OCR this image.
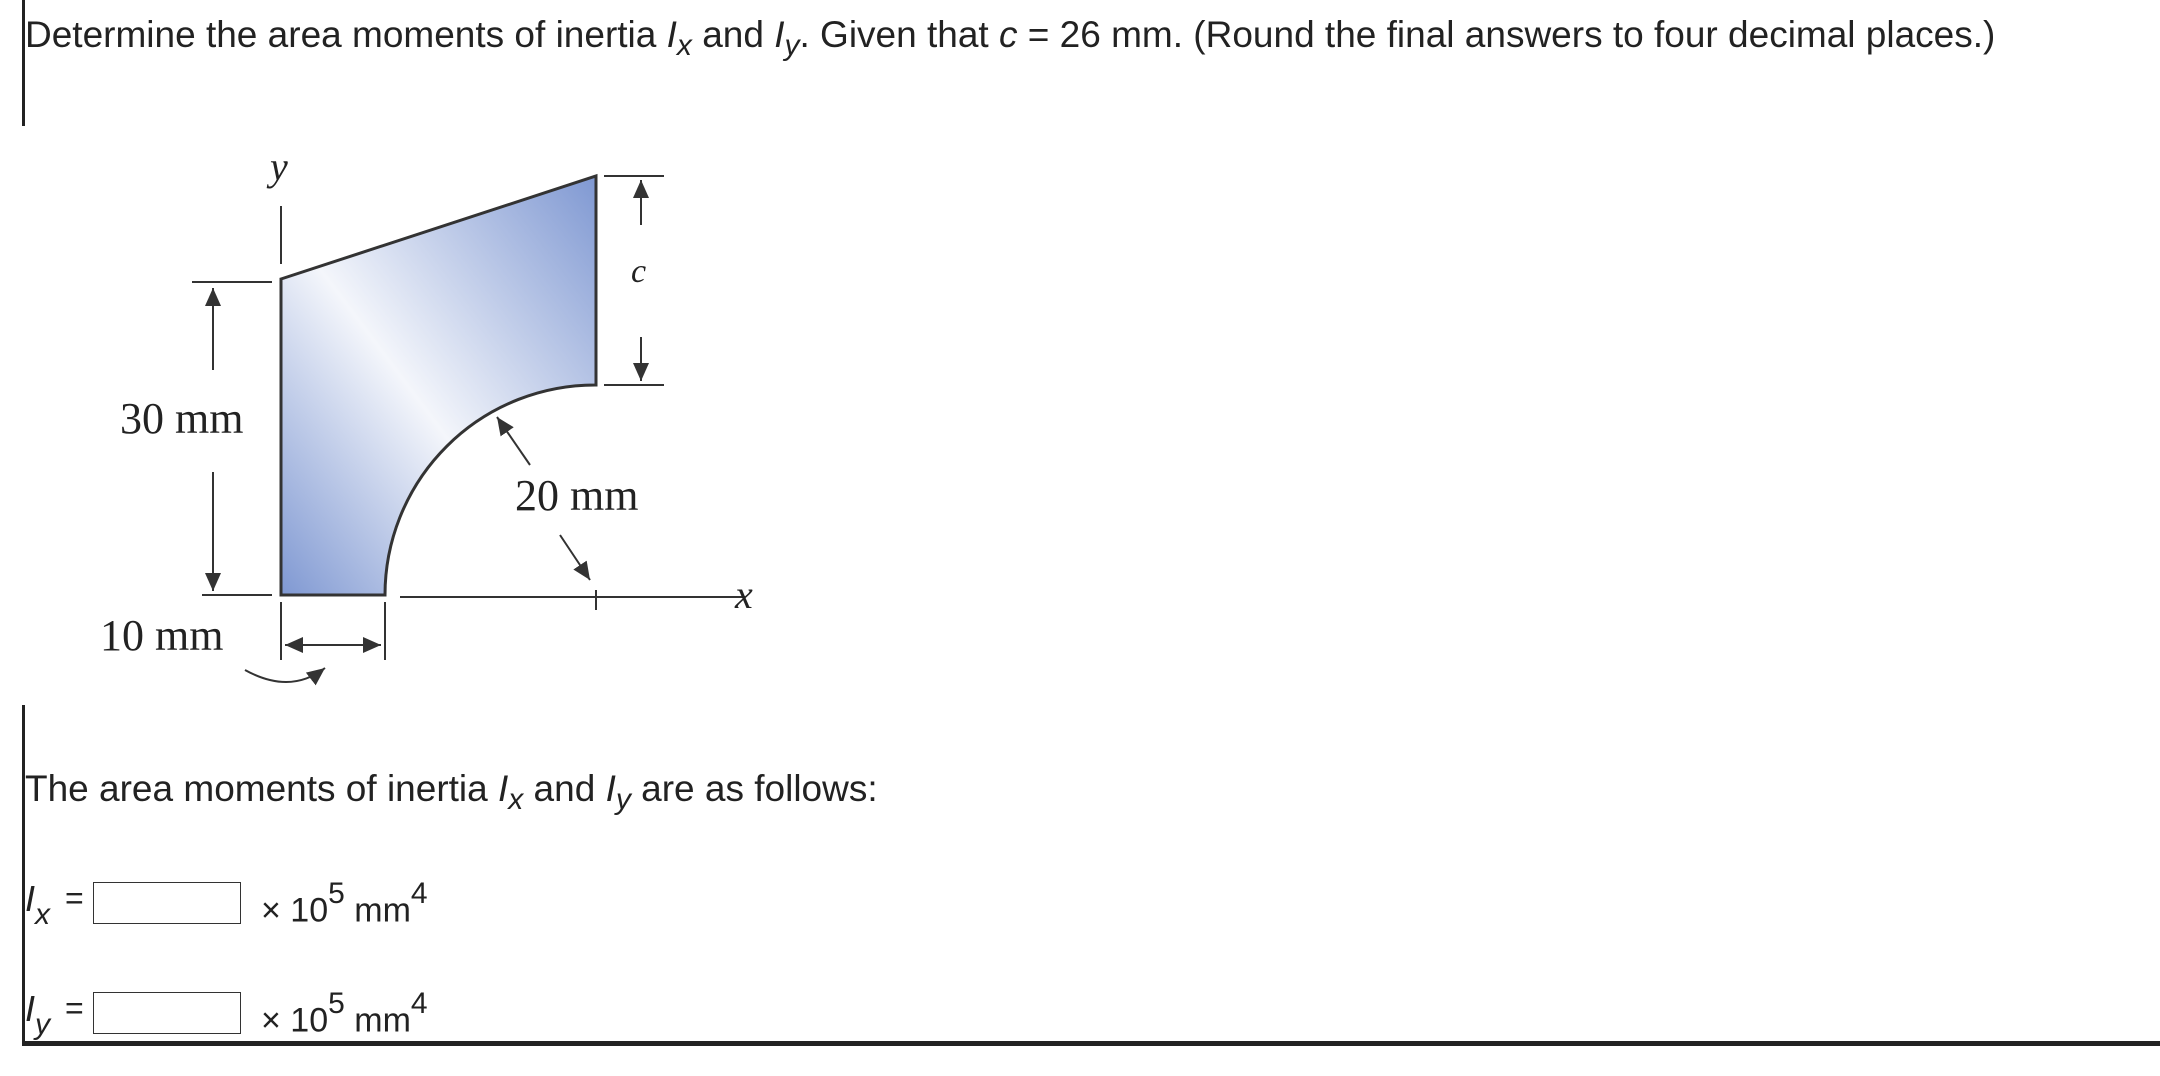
Determine the area moments of inertia $I_x$ and $I_y$. Given that c = 26 mm. (Round the final answers to four decimal places.)
y
x
c
30 mm
20 mm
10 mm
The area moments of inertia $I_x$ and $I_y$ are as follows:
I x =	× $10^5$ $mm^4$
I y =	× $10^5$ $mm^4$
